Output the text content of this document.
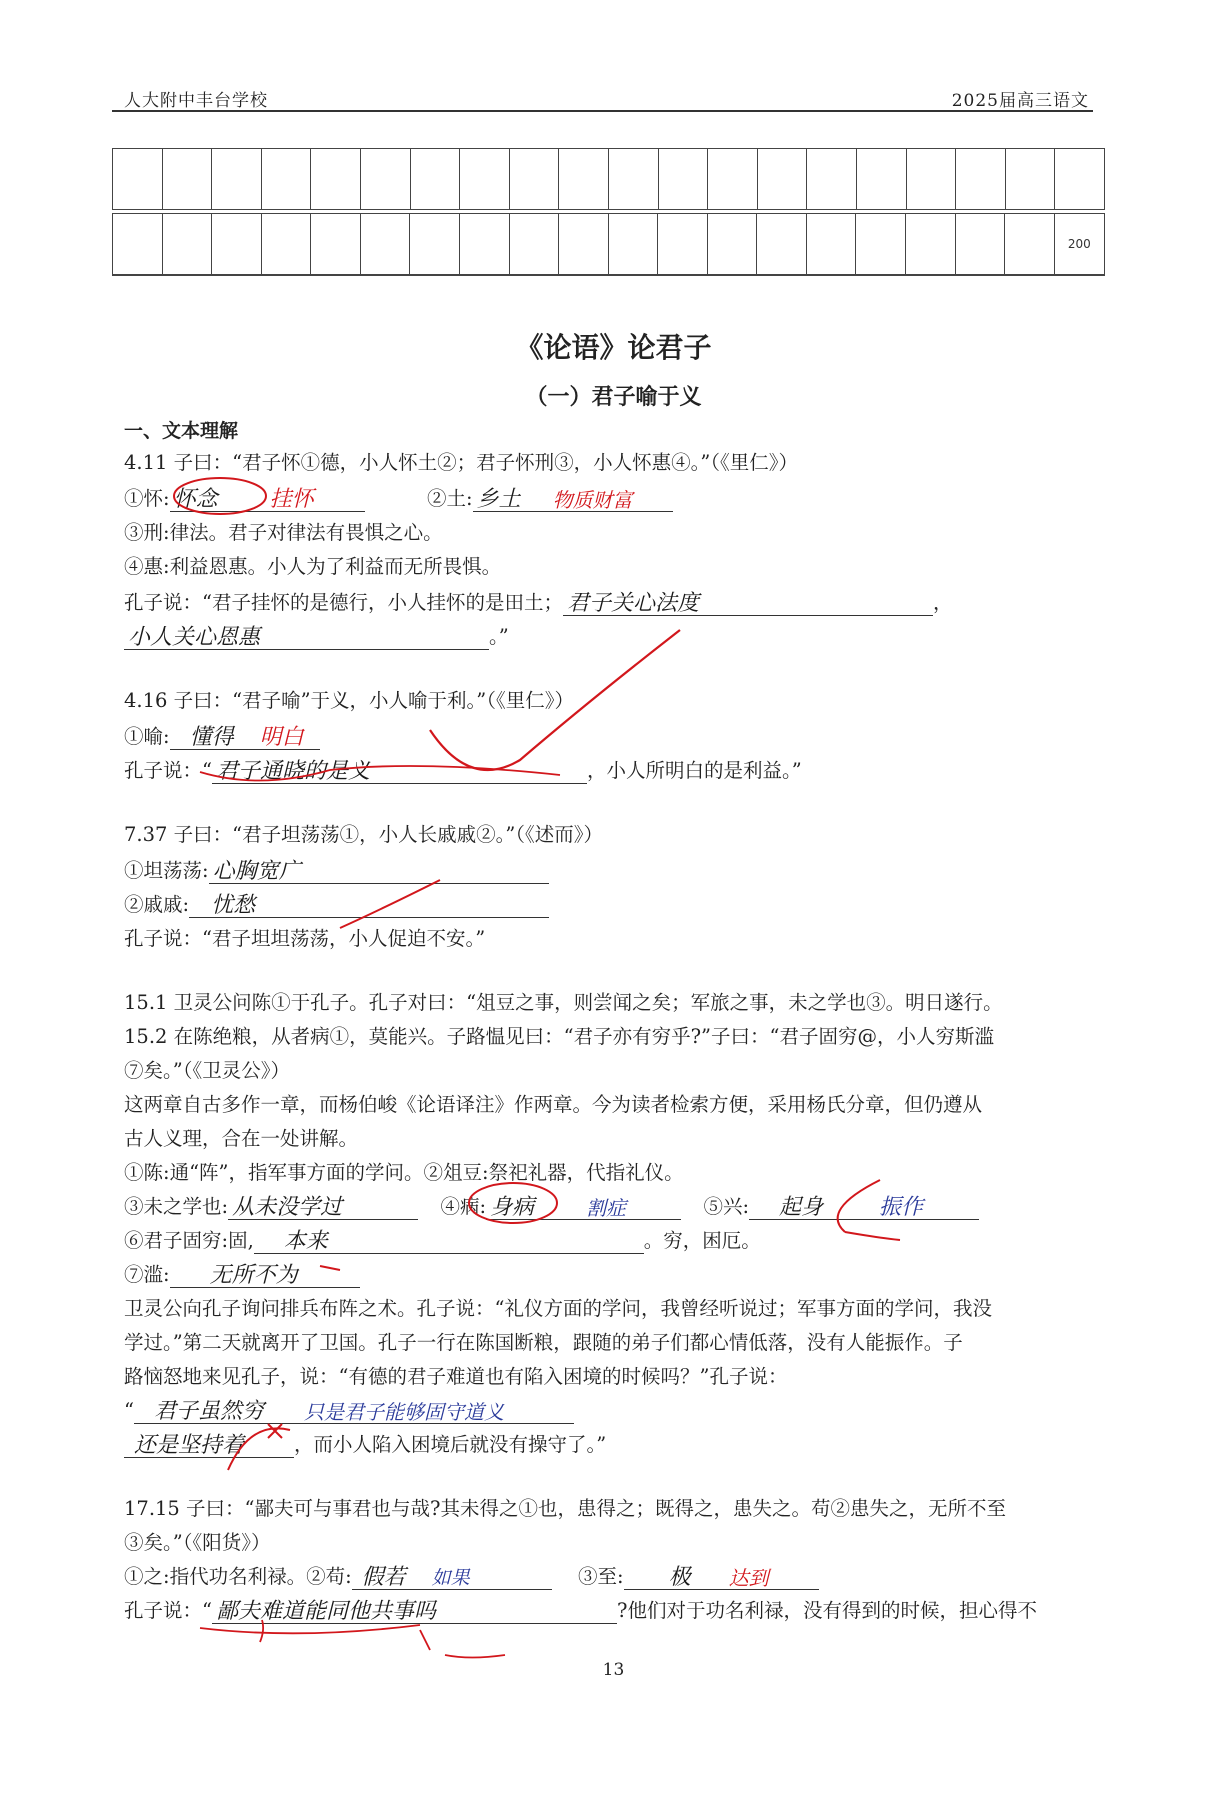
人大附中丰台学校	2025届高三语文

																			200
《论语》论君子
（一）君子喻于义
一、文本理解
4.11 子曰：“君子怀①德，小人怀土②；君子怀刑③，小人怀惠④。”（《里仁》）
①怀: 怀念 挂怀	②土: 乡土 物质财富
③刑:律法。君子对律法有畏惧之心。
④惠:利益恩惠。小人为了利益而无所畏惧。
孔子说：“君子挂怀的是德行，小人挂怀的是田土； 君子关心法度	，
小人关心恩惠	。”
4.16 子曰：“君子喻”于义，小人喻于利。”（《里仁》）
①喻: 懂得 明白
孔子说：“ 君子通晓的是义	，小人所明白的是利益。”
7.37 子曰：“君子坦荡荡①，小人长戚戚②。”（《述而》）
①坦荡荡: 心胸宽广
②戚戚: 忧愁
孔子说：“君子坦坦荡荡，小人促迫不安。”
15.1 卫灵公问陈①于孔子。孔子对曰：“俎豆之事，则尝闻之矣；军旅之事，未之学也③。明日遂行。
15.2 在陈绝粮，从者病①，莫能兴。子路愠见曰：“君子亦有穷乎?”子曰：“君子固穷@，小人穷斯滥
⑦矣。”（《卫灵公》）
这两章自古多作一章，而杨伯峻《论语译注》作两章。今为读者检索方便，采用杨氏分章，但仍遵从
古人义理，合在一处讲解。
①陈:通“阵”，指军事方面的学问。②俎豆:祭祀礼器，代指礼仪。
③未之学也: 从未没学过	④病: 身病	割症	⑤兴: 起身	振作
⑥君子固穷:固, 本来	。穷，困厄。
⑦滥: 无所不为
卫灵公向孔子询问排兵布阵之术。孔子说：“礼仪方面的学问，我曾经听说过；军事方面的学问，我没
学过。”第二天就离开了卫国。孔子一行在陈国断粮，跟随的弟子们都心情低落，没有人能振作。子
路恼怒地来见孔子，说：“有德的君子难道也有陷入困境的时候吗？”孔子说：
“ 君子虽然穷 只是君子能够固守道义
还是坚持着	，而小人陷入困境后就没有操守了。”
17.15 子曰：“鄙夫可与事君也与哉?其未得之①也，患得之；既得之，患失之。苟②患失之，无所不至
③矣。”（《阳货》）
①之:指代功名利禄。②苟: 假若 如果	③至: 极 达到
孔子说：“ 鄙夫难道能同他共事吗	?他们对于功名利禄，没有得到的时候，担心得不
13
